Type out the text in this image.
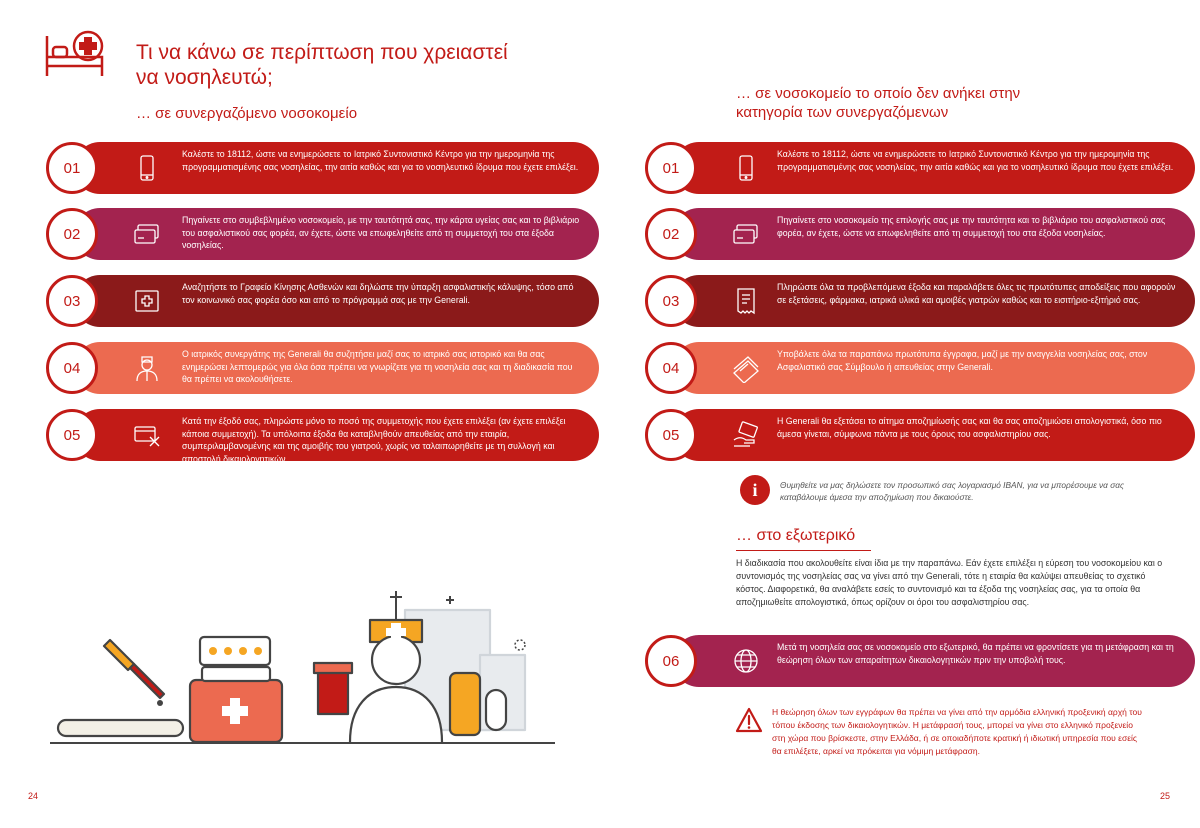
Τι να κάνω σε περίπτωση που χρειαστεί να νοσηλευτώ;
… σε συνεργαζόμενο νοσοκομείο
01
Καλέστε το 18112, ώστε να ενημερώσετε το Ιατρικό Συντονιστικό Κέντρο για την ημερομηνία της προγραμματισμένης σας νοσηλείας, την αιτία καθώς και για το νοσηλευτικό ίδρυμα που έχετε επιλέξει.
02
Πηγαίνετε στο συμβεβλημένο νοσοκομείο, με την ταυτότητά σας, την κάρτα υγείας σας και το βιβλιάριο του ασφαλιστικού σας φορέα, αν έχετε, ώστε να επωφεληθείτε από τη συμμετοχή του στα έξοδα νοσηλείας.
03
Αναζητήστε το Γραφείο Κίνησης Ασθενών και δηλώστε την ύπαρξη ασφαλιστικής κάλυψης, τόσο από τον κοινωνικό σας φορέα όσο και από το πρόγραμμά σας με την Generali.
04
Ο ιατρικός συνεργάτης της Generali θα συζητήσει μαζί σας το ιατρικό σας ιστορικό και θα σας ενημερώσει λεπτομερώς για όλα όσα πρέπει να γνωρίζετε για τη νοσηλεία σας και τη διαδικασία που θα πρέπει να ακολουθήσετε.
05
Κατά την έξοδό σας, πληρώστε μόνο το ποσό της συμμετοχής που έχετε επιλέξει (αν έχετε επιλέξει κάποια συμμετοχή). Τα υπόλοιπα έξοδα θα καταβληθούν απευθείας από την εταιρία, συμπεριλαμβανομένης και της αμοιβής του γιατρού, χωρίς να ταλαιπωρηθείτε με τη συλλογή και αποστολή δικαιολογητικών.
24
… σε νοσοκομείο το οποίο δεν ανήκει στην κατηγορία των συνεργαζόμενων
01
Καλέστε το 18112, ώστε να ενημερώσετε το Ιατρικό Συντονιστικό Κέντρο για την ημερομηνία της προγραμματισμένης σας νοσηλείας, την αιτία καθώς και για το νοσηλευτικό ίδρυμα που έχετε επιλέξει.
02
Πηγαίνετε στο νοσοκομείο της επιλογής σας με την ταυτότητα και το βιβλιάριο του ασφαλιστικού σας φορέα, αν έχετε, ώστε να επωφεληθείτε από τη συμμετοχή του στα έξοδα νοσηλείας.
03
Πληρώστε όλα τα προβλεπόμενα έξοδα και παραλάβετε όλες τις πρωτότυπες αποδείξεις που αφορούν σε εξετάσεις, φάρμακα, ιατρικά υλικά και αμοιβές γιατρών καθώς και το εισιτήριο-εξιτήριό σας.
04
Υποβάλετε όλα τα παραπάνω πρωτότυπα έγγραφα, μαζί με την αναγγελία νοσηλείας σας, στον Ασφαλιστικό σας Σύμβουλο ή απευθείας στην Generali.
05
Η Generali θα εξετάσει το αίτημα αποζημίωσής σας και θα σας αποζημιώσει απολογιστικά, όσο πιο άμεσα γίνεται, σύμφωνα πάντα με τους όρους του ασφαλιστηρίου σας.
i	Θυμηθείτε να μας δηλώσετε τον προσωπικό σας λογαριασμό IBAN, για να μπορέσουμε να σας καταβάλουμε άμεσα την αποζημίωση που δικαιούστε.
… στο εξωτερικό
Η διαδικασία που ακολουθείτε είναι ίδια με την παραπάνω. Εάν έχετε επιλέξει η εύρεση του νοσοκομείου και ο συντονισμός της νοσηλείας σας να γίνει από την Generali, τότε η εταιρία θα καλύψει απευθείας το σχετικό κόστος. Διαφορετικά, θα αναλάβετε εσείς το συντονισμό και τα έξοδα της νοσηλείας σας, για τα οποία θα αποζημιωθείτε απολογιστικά, όπως ορίζουν οι όροι του ασφαλιστηρίου σας.
06
Μετά τη νοσηλεία σας σε νοσοκομείο στο εξωτερικό, θα πρέπει να φροντίσετε για τη μετάφραση και τη θεώρηση όλων των απαραίτητων δικαιολογητικών πριν την υποβολή τους.
Η θεώρηση όλων των εγγράφων θα πρέπει να γίνει από την αρμόδια ελληνική προξενική αρχή του τόπου έκδοσης των δικαιολογητικών. Η μετάφρασή τους, μπορεί να γίνει στο ελληνικό προξενείο στη χώρα που βρίσκεστε, στην Ελλάδα, ή σε οποιαδήποτε κρατική ή ιδιωτική υπηρεσία που εσείς θα επιλέξετε, αρκεί να πρόκειται για νόμιμη μετάφραση.
25
